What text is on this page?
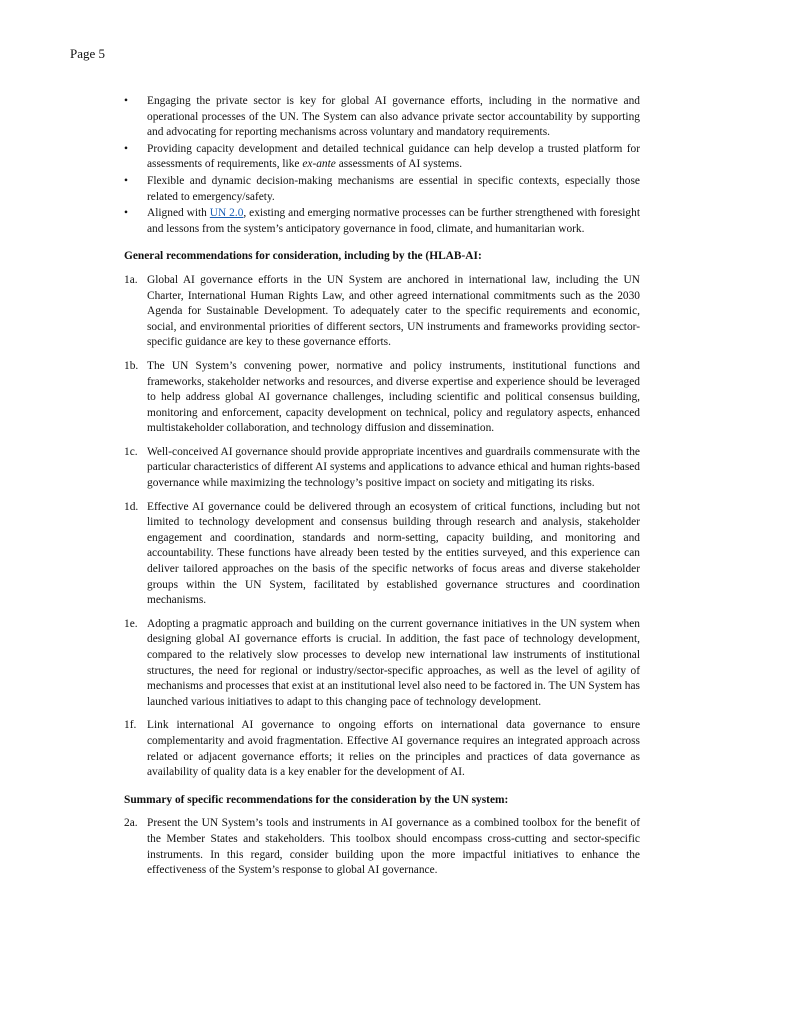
Page 5
• Engaging the private sector is key for global AI governance efforts, including in the normative and operational processes of the UN. The System can also advance private sector accountability by supporting and advocating for reporting mechanisms across voluntary and mandatory requirements.
• Providing capacity development and detailed technical guidance can help develop a trusted platform for assessments of requirements, like ex-ante assessments of AI systems.
• Flexible and dynamic decision-making mechanisms are essential in specific contexts, especially those related to emergency/safety.
• Aligned with UN 2.0, existing and emerging normative processes can be further strengthened with foresight and lessons from the system’s anticipatory governance in food, climate, and humanitarian work.
General recommendations for consideration, including by the (HLAB-AI:
1a. Global AI governance efforts in the UN System are anchored in international law, including the UN Charter, International Human Rights Law, and other agreed international commitments such as the 2030 Agenda for Sustainable Development. To adequately cater to the specific requirements and economic, social, and environmental priorities of different sectors, UN instruments and frameworks providing sector-specific guidance are key to these governance efforts.
1b. The UN System’s convening power, normative and policy instruments, institutional functions and frameworks, stakeholder networks and resources, and diverse expertise and experience should be leveraged to help address global AI governance challenges, including scientific and political consensus building, monitoring and enforcement, capacity development on technical, policy and regulatory aspects, enhanced multistakeholder collaboration, and technology diffusion and dissemination.
1c. Well-conceived AI governance should provide appropriate incentives and guardrails commensurate with the particular characteristics of different AI systems and applications to advance ethical and human rights-based governance while maximizing the technology’s positive impact on society and mitigating its risks.
1d. Effective AI governance could be delivered through an ecosystem of critical functions, including but not limited to technology development and consensus building through research and analysis, stakeholder engagement and coordination, standards and norm-setting, capacity building, and monitoring and accountability. These functions have already been tested by the entities surveyed, and this experience can deliver tailored approaches on the basis of the specific networks of focus areas and diverse stakeholder groups within the UN System, facilitated by established governance structures and coordination mechanisms.
1e. Adopting a pragmatic approach and building on the current governance initiatives in the UN system when designing global AI governance efforts is crucial. In addition, the fast pace of technology development, compared to the relatively slow processes to develop new international law instruments of institutional structures, the need for regional or industry/sector-specific approaches, as well as the level of agility of mechanisms and processes that exist at an institutional level also need to be factored in. The UN System has launched various initiatives to adapt to this changing pace of technology development.
1f. Link international AI governance to ongoing efforts on international data governance to ensure complementarity and avoid fragmentation. Effective AI governance requires an integrated approach across related or adjacent governance efforts; it relies on the principles and practices of data governance as availability of quality data is a key enabler for the development of AI.
Summary of specific recommendations for the consideration by the UN system:
2a. Present the UN System’s tools and instruments in AI governance as a combined toolbox for the benefit of the Member States and stakeholders. This toolbox should encompass cross-cutting and sector-specific instruments. In this regard, consider building upon the more impactful initiatives to enhance the effectiveness of the System’s response to global AI governance.
